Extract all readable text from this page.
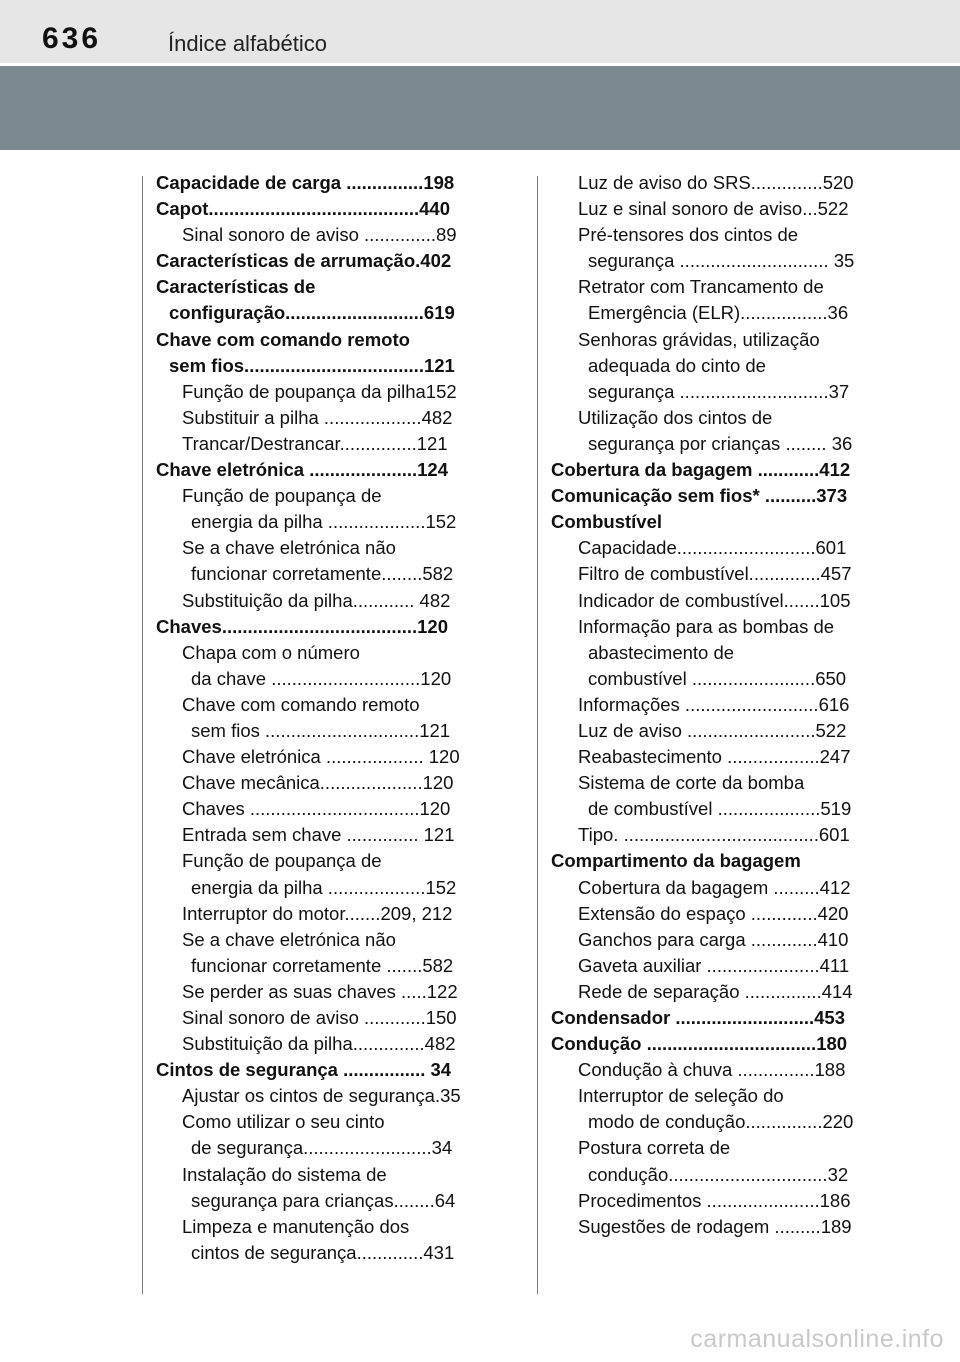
636	Índice alfabético
Capacidade de carga ...............198
Capot.........................................440
Sinal sonoro de aviso ..............89
Características de arrumação.402
Características de
configuração...........................619
Chave com comando remoto
sem fios...................................121
Função de poupança da pilha152
Substituir a pilha ...................482
Trancar/Destrancar...............121
Chave eletrónica .....................124
Função de poupança de
energia da pilha ...................152
Se a chave eletrónica não
funcionar corretamente........582
Substituição da pilha............ 482
Chaves......................................120
Chapa com o número
da chave .............................120
Chave com comando remoto
sem fios ..............................121
Chave eletrónica ................... 120
Chave mecânica....................120
Chaves .................................120
Entrada sem chave .............. 121
Função de poupança de
energia da pilha ...................152
Interruptor do motor.......209, 212
Se a chave eletrónica não
funcionar corretamente .......582
Se perder as suas chaves .....122
Sinal sonoro de aviso ............150
Substituição da pilha..............482
Cintos de segurança ................ 34
Ajustar os cintos de segurança.35
Como utilizar o seu cinto
de segurança.........................34
Instalação do sistema de
segurança para crianças........64
Limpeza e manutenção dos
cintos de segurança.............431
Luz de aviso do SRS..............520
Luz e sinal sonoro de aviso...522
Pré-tensores dos cintos de
segurança ............................. 35
Retrator com Trancamento de
Emergência (ELR).................36
Senhoras grávidas, utilização
adequada do cinto de
segurança .............................37
Utilização dos cintos de
segurança por crianças ........ 36
Cobertura da bagagem ............412
Comunicação sem fios* ..........373
Combustível
Capacidade...........................601
Filtro de combustível..............457
Indicador de combustível.......105
Informação para as bombas de
abastecimento de
combustível ........................650
Informações ..........................616
Luz de aviso .........................522
Reabastecimento ..................247
Sistema de corte da bomba
de combustível ....................519
Tipo. ......................................601
Compartimento da bagagem
Cobertura da bagagem .........412
Extensão do espaço .............420
Ganchos para carga .............410
Gaveta auxiliar ......................411
Rede de separação ...............414
Condensador ...........................453
Condução .................................180
Condução à chuva ...............188
Interruptor de seleção do
modo de condução...............220
Postura correta de
condução...............................32
Procedimentos ......................186
Sugestões de rodagem .........189
carmanualsonline.info
